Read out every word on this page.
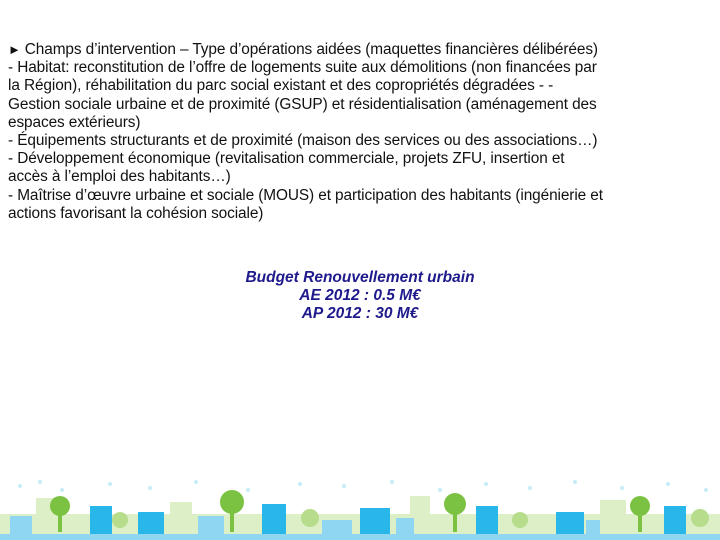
► Champs d’intervention – Type d’opérations aidées (maquettes financières délibérées)
- Habitat: reconstitution de l’offre de logements suite aux démolitions (non financées par
la Région), réhabilitation du parc social existant et des copropriétés dégradées - -
Gestion sociale urbaine et de proximité (GSUP) et résidentialisation (aménagement des
espaces extérieurs)
- Équipements structurants et de proximité (maison des services ou des associations…)
- Développement économique (revitalisation commerciale, projets ZFU, insertion et
accès à l’emploi des habitants…)
- Maîtrise d’œuvre urbaine et sociale (MOUS) et participation des habitants (ingénierie et
actions favorisant la cohésion sociale)
Budget Renouvellement urbain
AE 2012 : 0.5 M€
AP 2012 : 30 M€
